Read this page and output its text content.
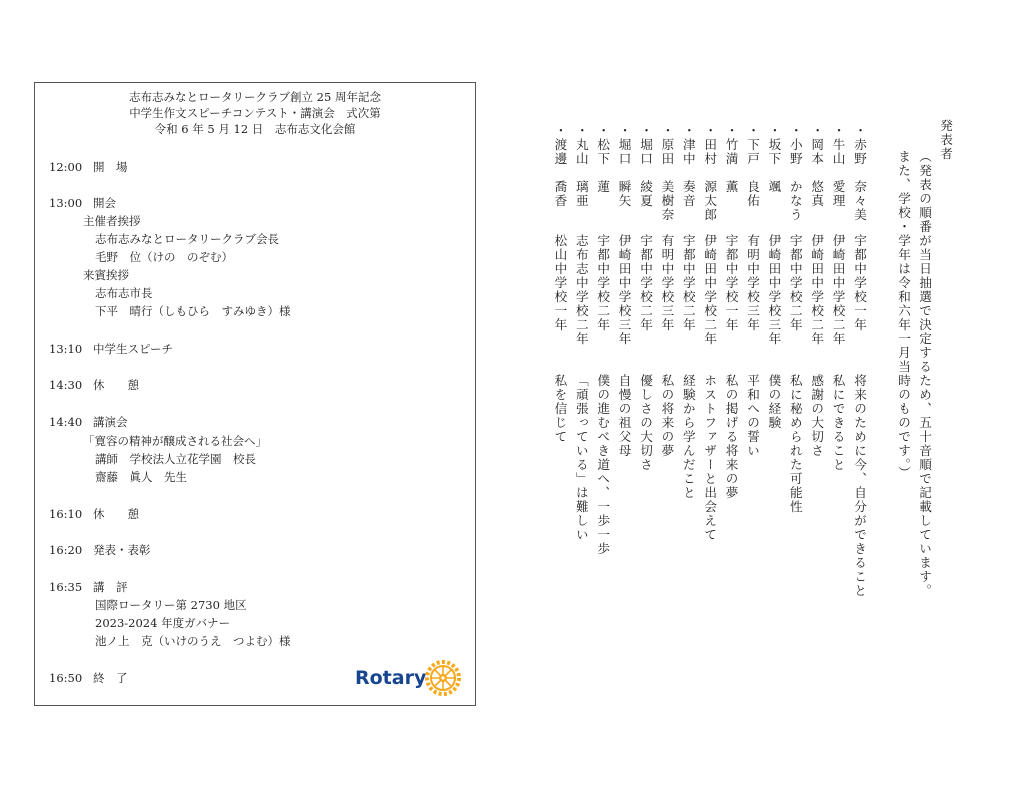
志布志みなとロータリークラブ創立 25 周年記念
中学生作文スピーチコンテスト・講演会　式次第
令和 6 年 5 月 12 日　志布志文化会館
12:00 開　場
13:00 開会
主催者挨拶
志布志みなとロータリークラブ会長
毛野　位（けの　のぞむ）
来賓挨拶
志布志市長
下平　晴行（しもひら　すみゆき）様
13:10 中学生スピーチ
14:30 休　　憩
14:40 講演会
「寛容の精神が醸成される社会へ」
講師　学校法人立花学園　校長
齋藤　眞人　先生
16:10 休　　憩
16:20 発表・表彰
16:35 講　評
国際ロータリー第 2730 地区
2023-2024 年度ガバナー
池ノ上　克（いけのうえ　つよむ）様
16:50 終　了	Rotary
発表者
（発表の順番が当日抽選で決定するため、五十音順で記載しています。
また、学校・学年は令和六年一月当時のものです。）
・赤野　奈々美
宇都中学校一年
将来のために今、自分ができること
・牛山　愛理
伊崎田中学校二年
私にできること
・岡本　悠真
伊崎田中学校二年
感謝の大切さ
・小野　かなう
宇都中学校二年
私に秘められた可能性
・坂下　颯
伊崎田中学校三年
僕の経験
・下戸　良佑
有明中学校三年
平和への誓い
・竹満　薫
宇都中学校一年
私の掲げる将来の夢
・田村　源太郎
伊崎田中学校二年
ホストファザーと出会えて
・津中　奏音
宇都中学校二年
経験から学んだこと
・原田　美樹奈
有明中学校三年
私の将来の夢
・堀口　綾夏
宇都中学校二年
優しさの大切さ
・堀口　瞬矢
伊崎田中学校三年
自慢の祖父母
・松下　蓮
宇都中学校二年
僕の進むべき道へ、一歩一歩
・丸山　璃亜
志布志中学校二年
「頑張っている」は難しい
・渡邊　喬香
松山中学校一年
私を信じて
